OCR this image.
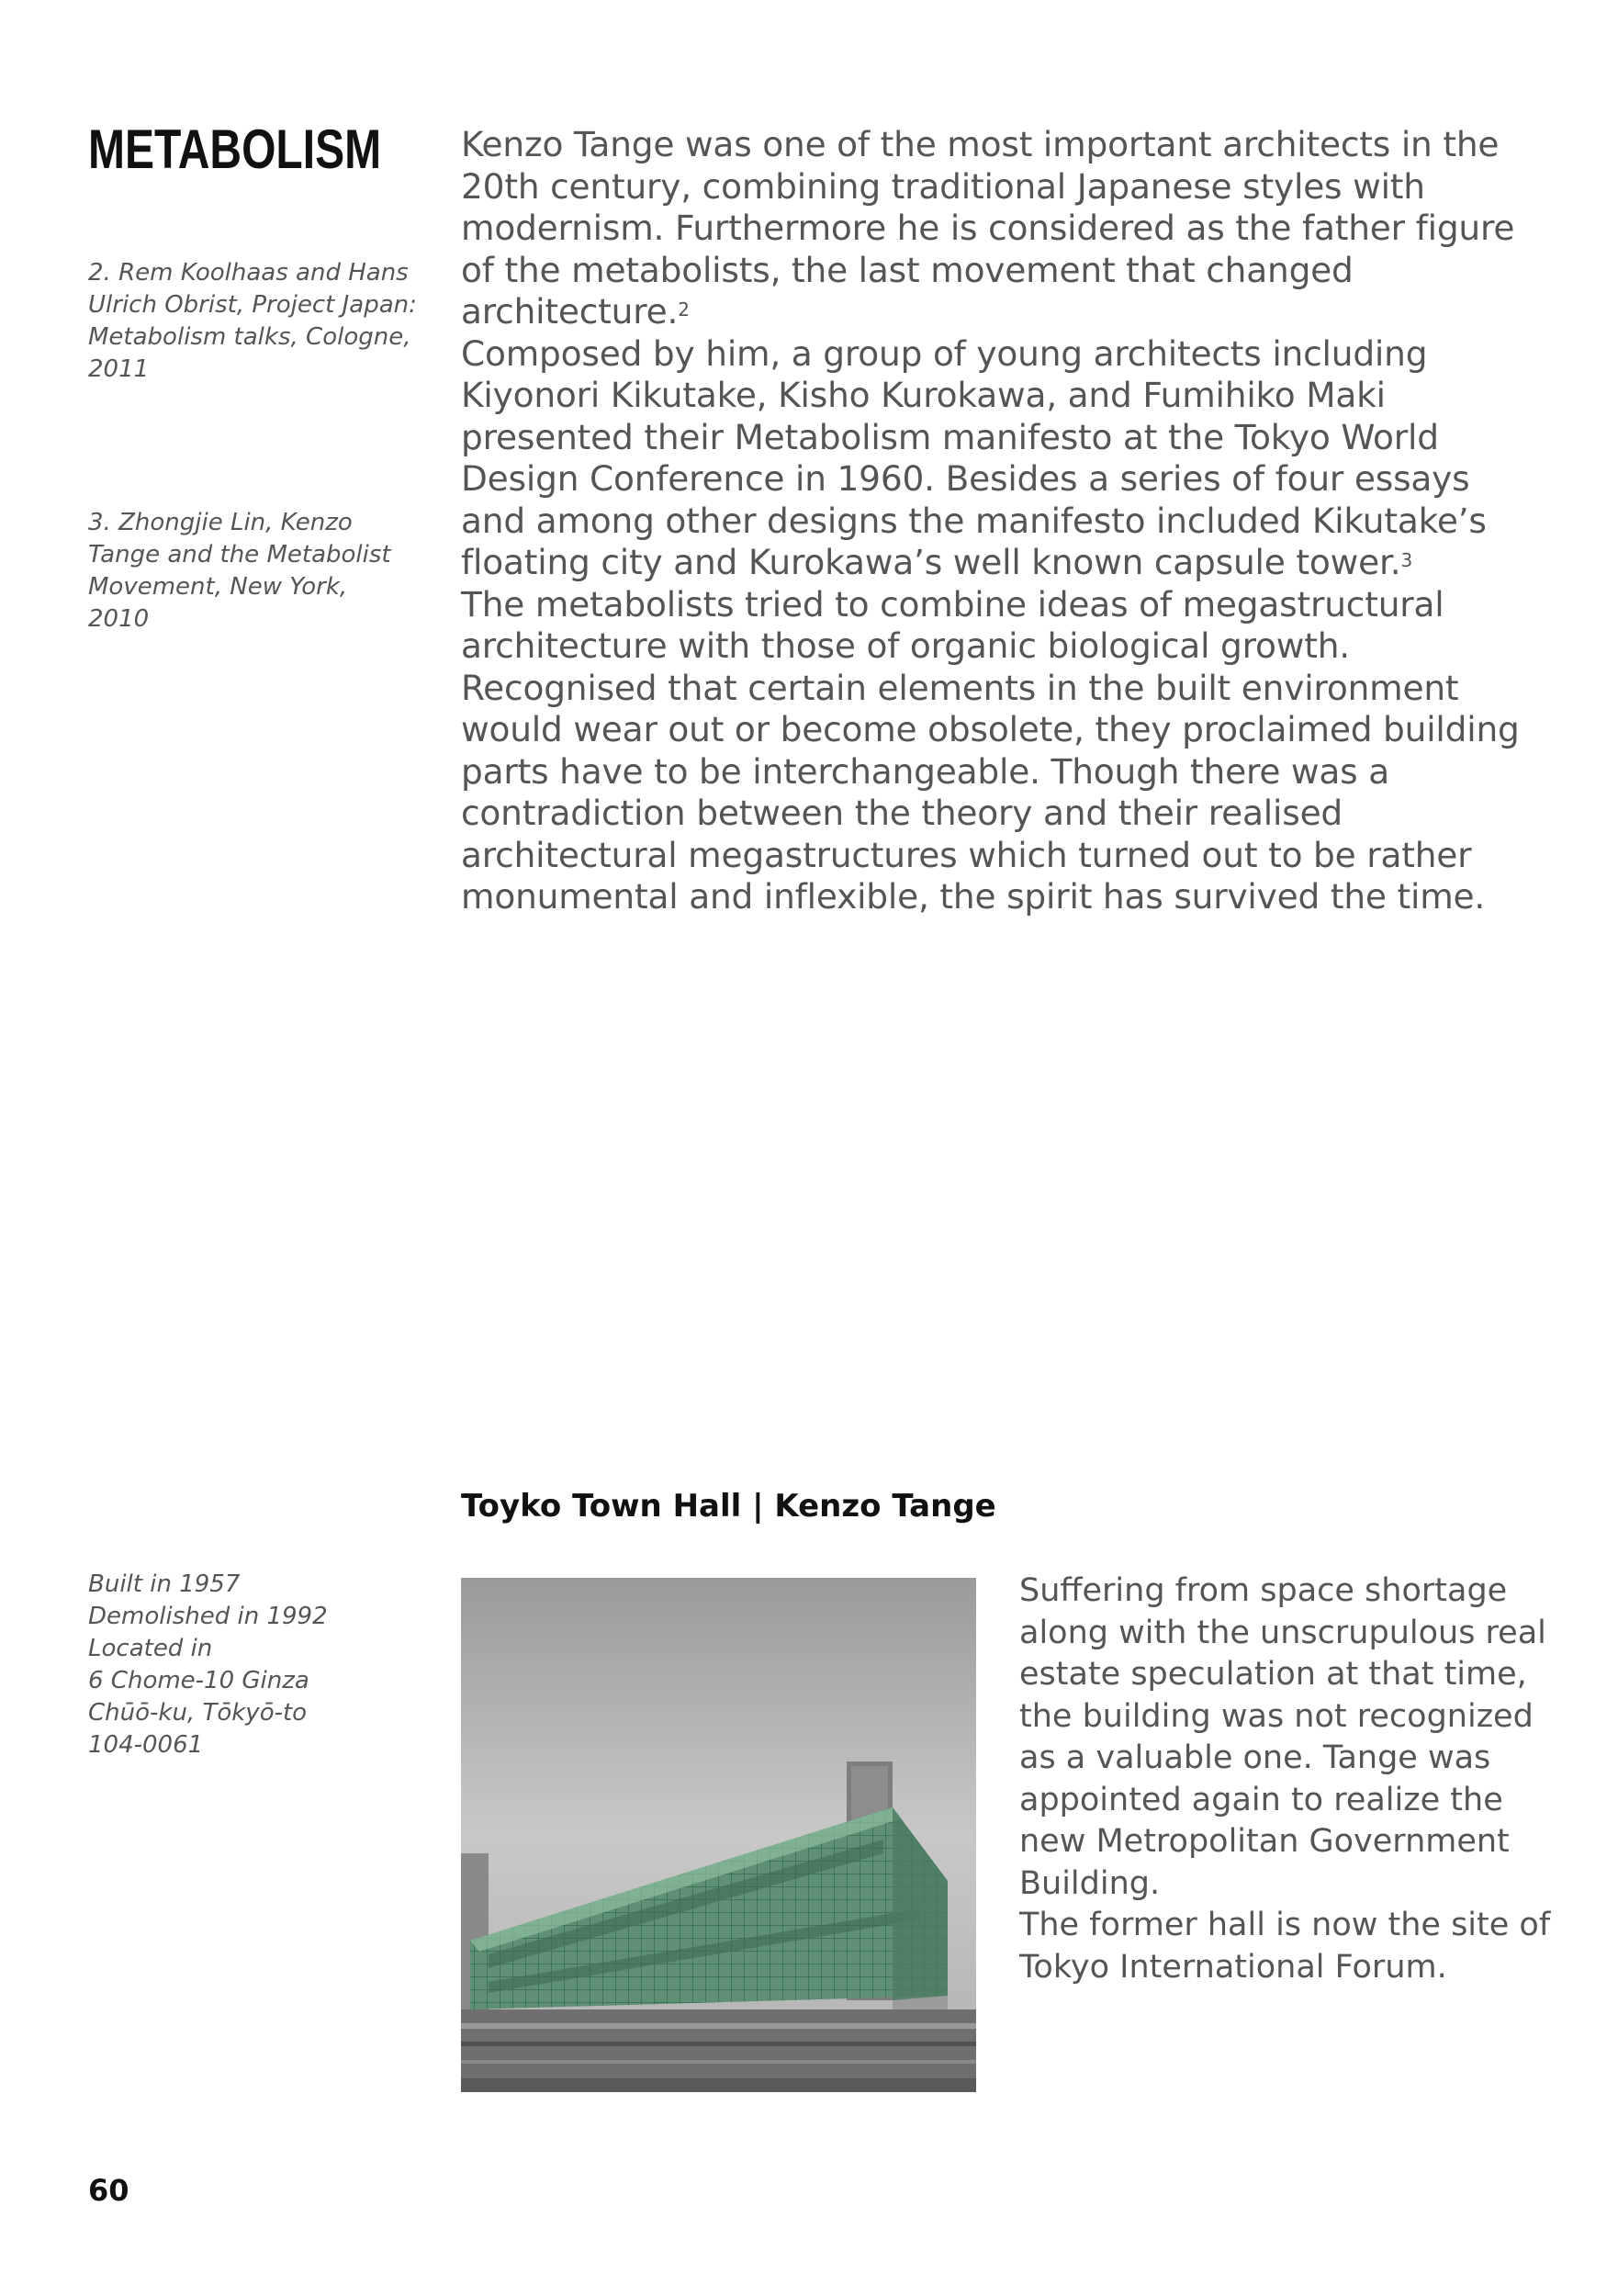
METABOLISM

2. Rem Koolhaas and Hans Ulrich Obrist, Project Japan: Metabolism talks, Cologne, 2011

3. Zhongjie Lin, Kenzo Tange and the Metabolist Movement, New York, 2010

Kenzo Tange was one of the most important architects in the 20th century, combining traditional Japanese styles with modernism. Furthermore he is considered as the father figure of the metabolists, the last movement that changed architecture.$^2$

Composed by him, a group of young architects including Kiyonori Kikutake, Kisho Kurokawa, and Fumihiko Maki presented their Metabolism manifesto at the Tokyo World Design Conference in 1960. Besides a series of four essays and among other designs the manifesto included Kikutake’s floating city and Kurokawa’s well known capsule tower.$^3$

The metabolists tried to combine ideas of megastructural architecture with those of organic biological growth. Recognised that certain elements in the built environment would wear out or become obsolete, they proclaimed building parts have to be interchangeable. Though there was a contradiction between the theory and their realised architectural megastructures which turned out to be rather monumental and inflexible, the spirit has survived the time.

Toyko Town Hall | Kenzo Tange

Built in 1957

Demolished in 1992

Located in

6 Chome-10 Ginza

Chūō-ku, Tōkyō-to

104-0061

Suffering from space shortage along with the unscrupulous real estate speculation at that time, the building was not recognized as a valuable one. Tange was appointed again to realize the new Metropolitan Government Building.

The former hall is now the site of Tokyo International Forum.

60
